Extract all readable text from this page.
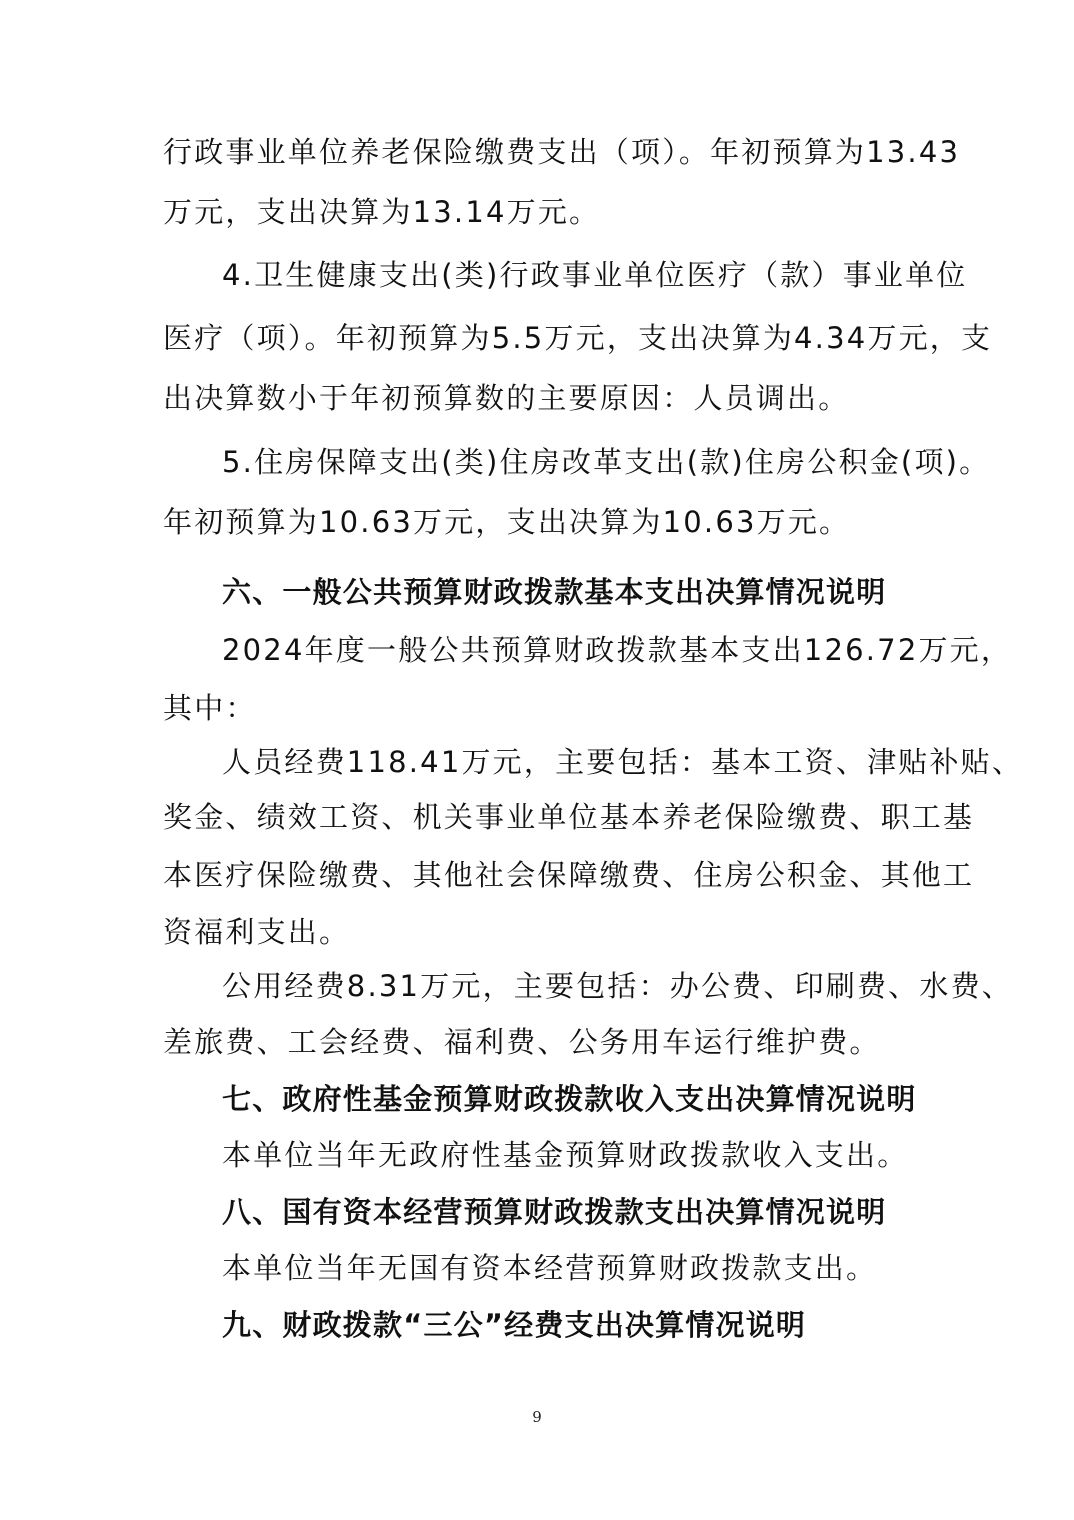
行政事业单位养老保险缴费支出（项）。年初预算为13.43
万元，支出决算为13.14万元。
4.卫生健康支出(类)行政事业单位医疗（款）事业单位
医疗（项）。年初预算为5.5万元，支出决算为4.34万元，支
出决算数小于年初预算数的主要原因：人员调出。
5.住房保障支出(类)住房改革支出(款)住房公积金(项)。
年初预算为10.63万元，支出决算为10.63万元。
六、一般公共预算财政拨款基本支出决算情况说明
2024年度一般公共预算财政拨款基本支出126.72万元，
其中：
人员经费118.41万元，主要包括：基本工资、津贴补贴、
奖金、绩效工资、机关事业单位基本养老保险缴费、职工基
本医疗保险缴费、其他社会保障缴费、住房公积金、其他工
资福利支出。
公用经费8.31万元，主要包括：办公费、印刷费、水费、
差旅费、工会经费、福利费、公务用车运行维护费。
七、政府性基金预算财政拨款收入支出决算情况说明
本单位当年无政府性基金预算财政拨款收入支出。
八、国有资本经营预算财政拨款支出决算情况说明
本单位当年无国有资本经营预算财政拨款支出。
九、财政拨款“三公”经费支出决算情况说明
9
